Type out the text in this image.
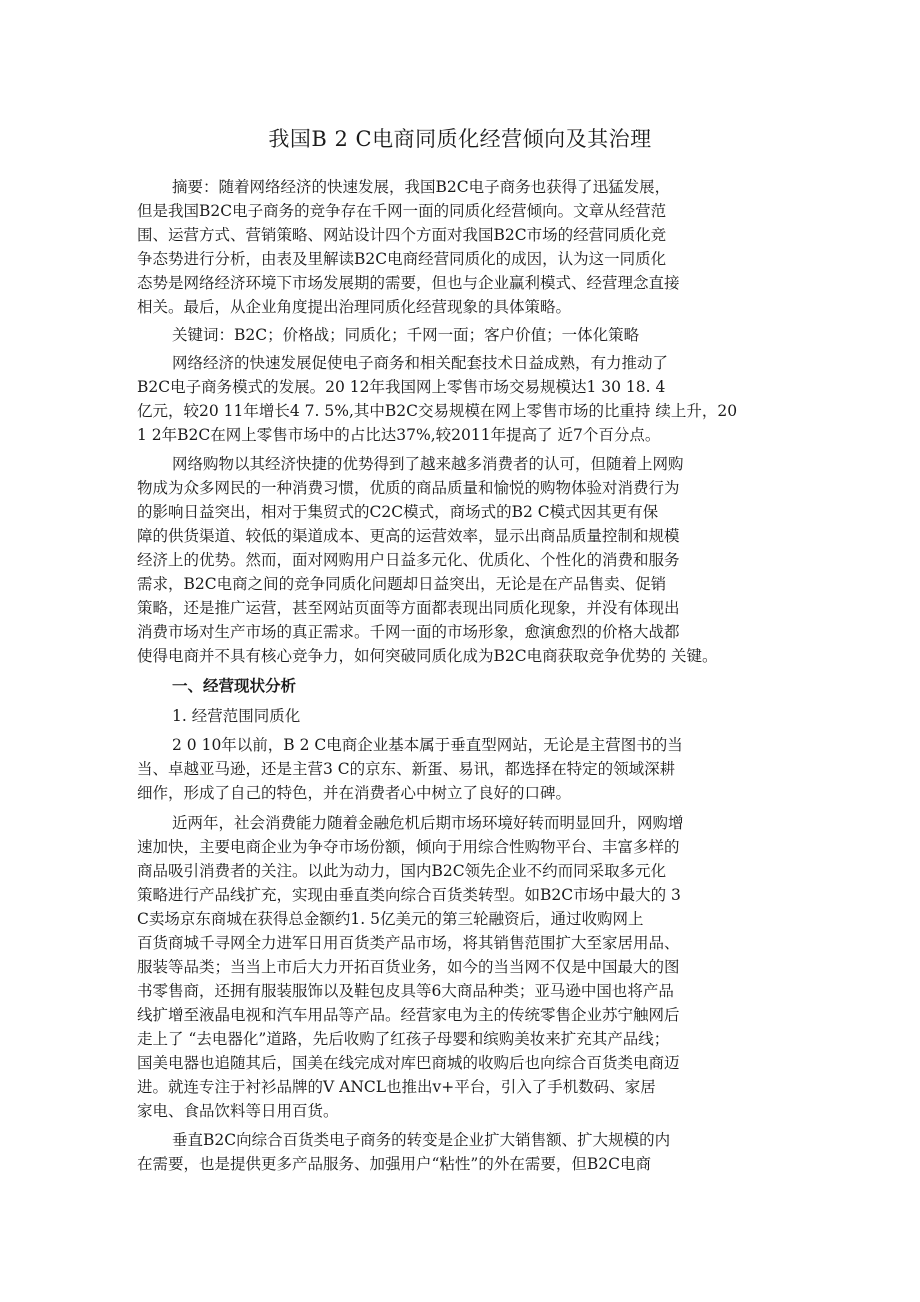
我国B 2 C电商同质化经营倾向及其治理
摘要：随着网络经济的快速发展，我国B2C电子商务也获得了迅猛发展，
但是我国B2C电子商务的竞争存在千网一面的同质化经营倾向。文章从经营范
围、运营方式、营销策略、网站设计四个方面对我国B2C市场的经营同质化竞
争态势进行分析，由表及里解读B2C电商经营同质化的成因，认为这一同质化
态势是网络经济环境下市场发展期的需要，但也与企业赢利模式、经营理念直接
相关。最后，从企业角度提出治理同质化经营现象的具体策略。
关键词：B2C；价格战；同质化；千网一面；客户价值；一体化策略
网络经济的快速发展促使电子商务和相关配套技术日益成熟，有力推动了
B2C电子商务模式的发展。20 12年我国网上零售市场交易规模达1 30 18. 4
亿元，较20 11年增长4 7. 5%,其中B2C交易规模在网上零售市场的比重持 续上升，20
1 2年B2C在网上零售市场中的占比达37%,较2011年提高了 近7个百分点。
网络购物以其经济快捷的优势得到了越来越多消费者的认可，但随着上网购
物成为众多网民的一种消费习惯，优质的商品质量和愉悦的购物体验对消费行为
的影响日益突出，相对于集贸式的C2C模式，商场式的B2 C模式因其更有保
障的供货渠道、较低的渠道成本、更高的运营效率，显示出商品质量控制和规模
经济上的优势。然而，面对网购用户日益多元化、优质化、个性化的消费和服务
需求，B2C电商之间的竞争同质化问题却日益突出，无论是在产品售卖、促销
策略，还是推广运营，甚至网站页面等方面都表现出同质化现象，并没有体现出
消费市场对生产市场的真正需求。千网一面的市场形象，愈演愈烈的价格大战都
使得电商并不具有核心竞争力，如何突破同质化成为B2C电商获取竞争优势的 关键。
一、经营现状分析
1. 经营范围同质化
2 0 10年以前，B 2 C电商企业基本属于垂直型网站，无论是主营图书的当
当、卓越亚马逊，还是主营3 C的京东、新蛋、易讯，都选择在特定的领域深耕
细作，形成了自己的特色，并在消费者心中树立了良好的口碑。
近两年，社会消费能力随着金融危机后期市场环境好转而明显回升，网购增
速加快，主要电商企业为争夺市场份额，倾向于用综合性购物平台、丰富多样的
商品吸引消费者的关注。以此为动力，国内B2C领先企业不约而同采取多元化
策略进行产品线扩充，实现由垂直类向综合百货类转型。如B2C市场中最大的 3
C卖场京东商城在获得总金额约1. 5亿美元的第三轮融资后，通过收购网上
百货商城千寻网全力进军日用百货类产品市场，将其销售范围扩大至家居用品、
服装等品类；当当上市后大力开拓百货业务，如今的当当网不仅是中国最大的图
书零售商，还拥有服装服饰以及鞋包皮具等6大商品种类；亚马逊中国也将产品
线扩增至液晶电视和汽车用品等产品。经营家电为主的传统零售企业苏宁触网后
走上了 “去电器化”道路，先后收购了红孩子母婴和缤购美妆来扩充其产品线；
国美电器也追随其后，国美在线完成对库巴商城的收购后也向综合百货类电商迈
进。就连专注于衬衫品牌的V ANCL也推出v+平台，引入了手机数码、家居
家电、食品饮料等日用百货。
垂直B2C向综合百货类电子商务的转变是企业扩大销售额、扩大规模的内
在需要，也是提供更多产品服务、加强用户“粘性”的外在需要，但B2C电商
